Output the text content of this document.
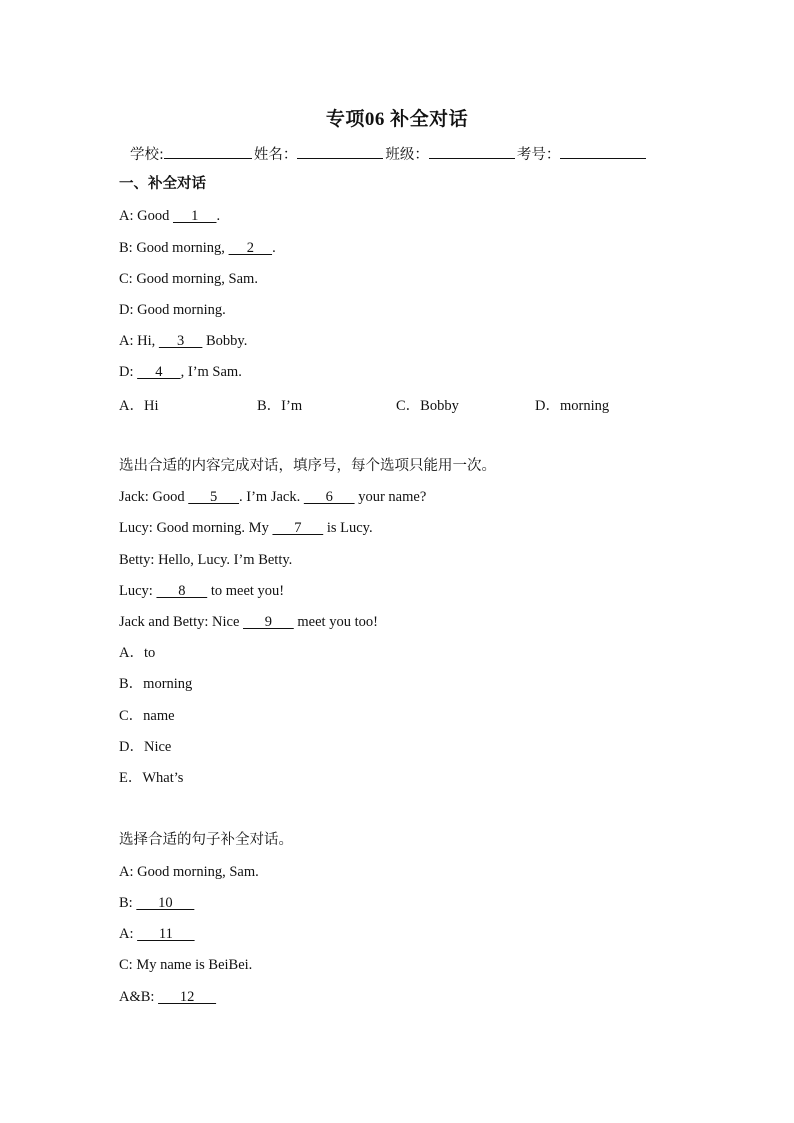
专项06 补全对话
学校:	姓名：	班级：	考号：
一、补全对话
A: Good      1     .
B: Good morning,      2     .
C: Good morning, Sam.
D: Good morning.
A: Hi,      3      Bobby.
D:      4     , I’m Sam.
A．Hi	B．I’m	C．Bobby	D．morning
选出合适的内容完成对话，填序号，每个选项只能用一次。
Jack: Good       5      . I’m Jack.       6       your name?
Lucy: Good morning. My       7       is Lucy.
Betty: Hello, Lucy. I’m Betty.
Lucy:       8       to meet you!
Jack and Betty: Nice       9       meet you too!
A．to
B．morning
C．name
D．Nice
E．What’s
选择合适的句子补全对话。
A: Good morning, Sam.
B:       10
A:       11
C: My name is BeiBei.
A&B:       12
